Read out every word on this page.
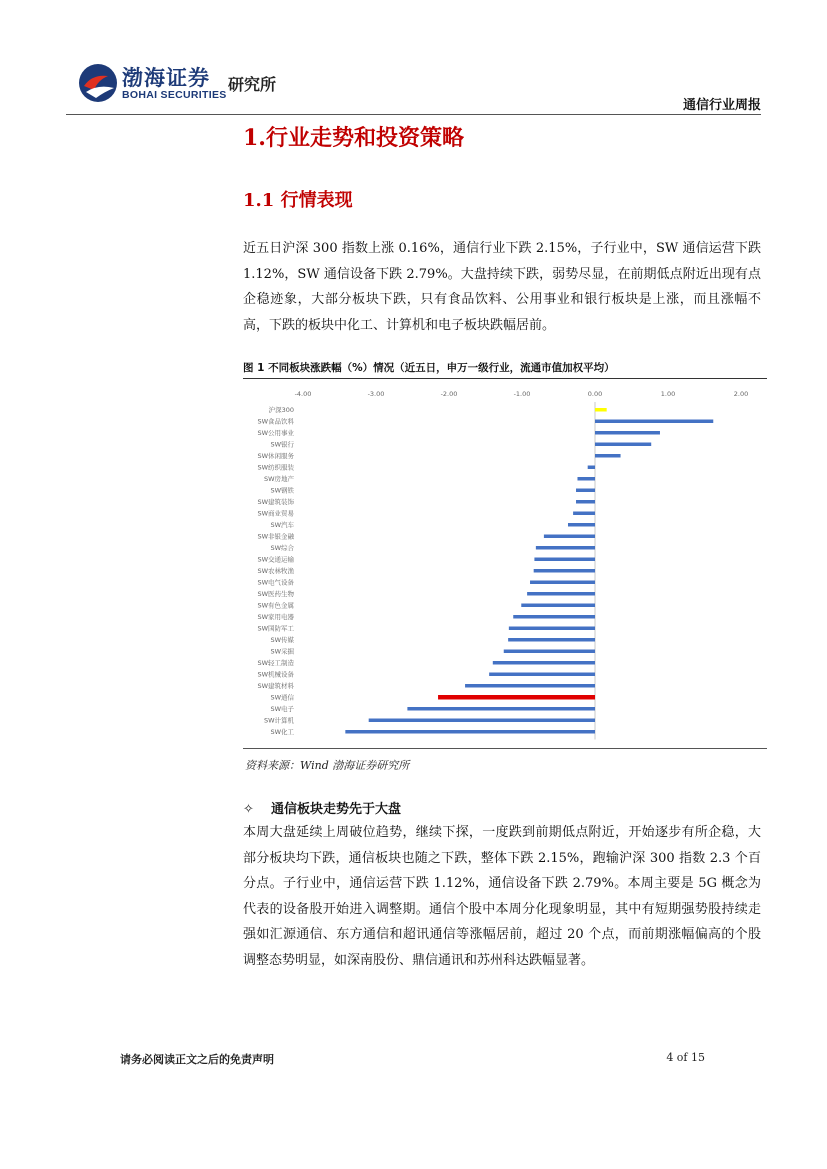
渤海证券
BOHAI SECURITIES
研究所
通信行业周报
1.行业走势和投资策略
1.1 行情表现

近五日沪深 300 指数上涨 0.16%，通信行业下跌 2.15%，子行业中，SW 通信运营下跌 1.12%，SW 通信设备下跌 2.79%。大盘持续下跌，弱势尽显，在前期低点附近出现有点企稳迹象，大部分板块下跌，只有食品饮料、公用事业和银行板块是上涨，而且涨幅不高，下跌的板块中化工、计算机和电子板块跌幅居前。

图 1 不同板块涨跌幅（%）情况（近五日，申万一级行业，流通市值加权平均）
-4.00	-3.00	-2.00	-1.00	0.00	1.00	2.00
沪深300
SW食品饮料
SW公用事业
SW银行
SW休闲服务
SW纺织服装
SW房地产
SW钢铁
SW建筑装饰
SW商业贸易
SW汽车
SW非银金融
SW综合
SW交通运输
SW农林牧渔
SW电气设备
SW医药生物
SW有色金属
SW家用电器
SW国防军工
SW传媒
SW采掘
SW轻工制造
SW机械设备
SW建筑材料
SW通信
SW电子
SW计算机
SW化工
资料来源：Wind 渤海证券研究所
✧ 通信板块走势先于大盘

本周大盘延续上周破位趋势，继续下探，一度跌到前期低点附近，开始逐步有所企稳，大部分板块均下跌，通信板块也随之下跌，整体下跌 2.15%，跑输沪深 300 指数 2.3 个百分点。子行业中，通信运营下跌 1.12%，通信设备下跌 2.79%。本周主要是 5G 概念为代表的设备股开始进入调整期。通信个股中本周分化现象明显，其中有短期强势股持续走强如汇源通信、东方通信和超讯通信等涨幅居前，超过 20 个点，而前期涨幅偏高的个股调整态势明显，如深南股份、鼎信通讯和苏州科达跌幅显著。

请务必阅读正文之后的免责声明	4 of 15
